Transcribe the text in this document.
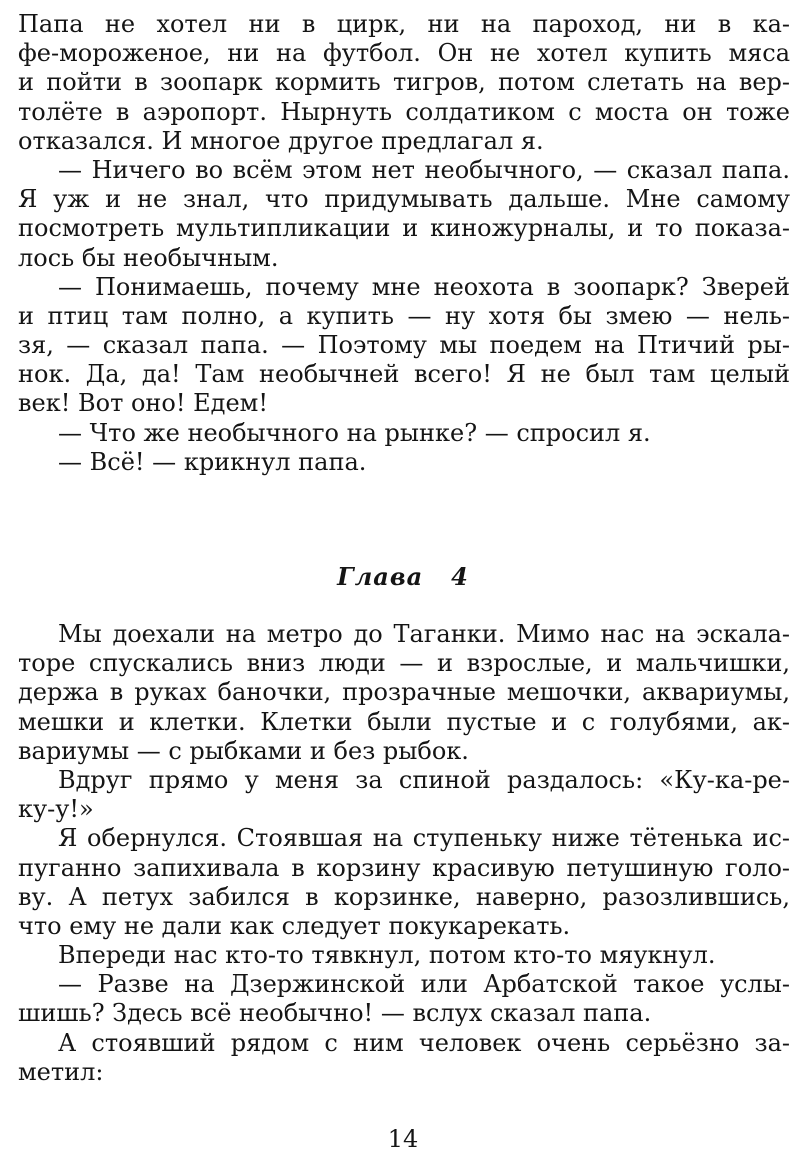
Папа не хотел ни в цирк, ни на пароход, ни в ка-
фе-мороженое, ни на футбол. Он не хотел купить мяса
и пойти в зоопарк кормить тигров, потом слетать на вер-
толёте в аэропорт. Нырнуть солдатиком с моста он тоже
отказался. И многое другое предлагал я.
— Ничего во всём этом нет необычного, — сказал папа.
Я уж и не знал, что придумывать дальше. Мне самому
посмотреть мультипликации и киножурналы, и то показа-
лось бы необычным.
— Понимаешь, почему мне неохота в зоопарк? Зверей
и птиц там полно, а купить — ну хотя бы змею — нель-
зя, — сказал папа. — Поэтому мы поедем на Птичий ры-
нок. Да, да! Там необычней всего! Я не был там целый
век! Вот оно! Едем!
— Что же необычного на рынке? — спросил я.
— Всё! — крикнул папа.
Глава 4
Мы доехали на метро до Таганки. Мимо нас на эскала-
торе спускались вниз люди — и взрослые, и мальчишки,
держа в руках баночки, прозрачные мешочки, аквариумы,
мешки и клетки. Клетки были пустые и с голубями, ак-
вариумы — с рыбками и без рыбок.
Вдруг прямо у меня за спиной раздалось: «Ку-ка-ре-
ку-у!»
Я обернулся. Стоявшая на ступеньку ниже тётенька ис-
пуганно запихивала в корзину красивую петушиную голо-
ву. А петух забился в корзинке, наверно, разозлившись,
что ему не дали как следует покукарекать.
Впереди нас кто-то тявкнул, потом кто-то мяукнул.
— Разве на Дзержинской или Арбатской такое услы-
шишь? Здесь всё необычно! — вслух сказал папа.
А стоявший рядом с ним человек очень серьёзно за-
метил:
14
